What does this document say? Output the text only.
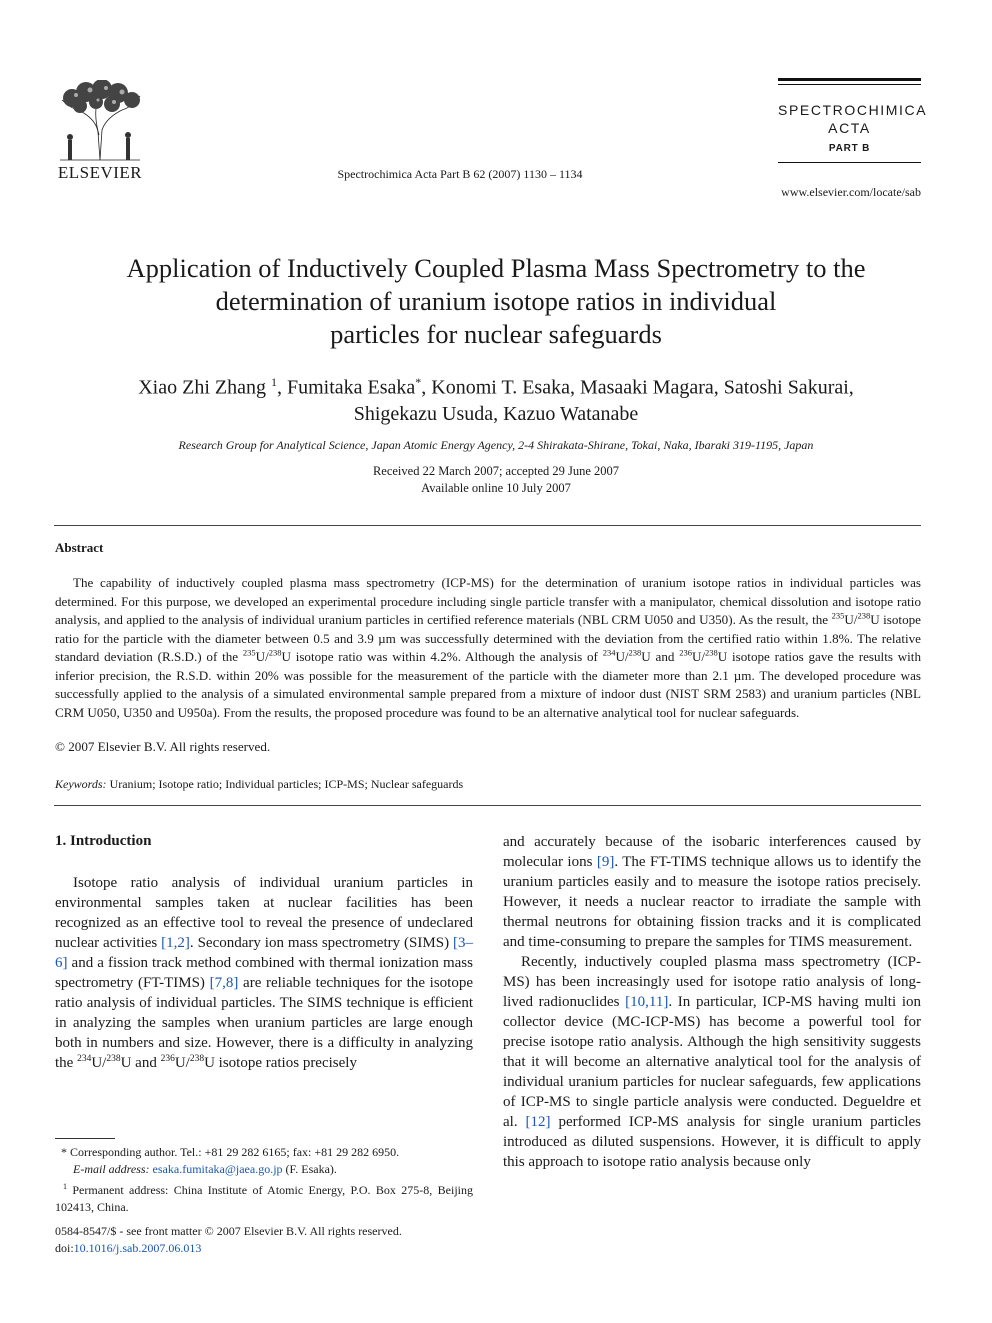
ELSEVIER	Spectrochimica Acta Part B 62 (2007) 1130 – 1134
SPECTROCHIMICA
ACTA
PART B
www.elsevier.com/locate/sab
Application of Inductively Coupled Plasma Mass Spectrometry to the
determination of uranium isotope ratios in individual
particles for nuclear safeguards
Xiao Zhi Zhang $^1$, Fumitaka Esaka*, Konomi T. Esaka, Masaaki Magara, Satoshi Sakurai,
Shigekazu Usuda, Kazuo Watanabe
Research Group for Analytical Science, Japan Atomic Energy Agency, 2-4 Shirakata-Shirane, Tokai, Naka, Ibaraki 319-1195, Japan
Received 22 March 2007; accepted 29 June 2007
Available online 10 July 2007
Abstract
The capability of inductively coupled plasma mass spectrometry (ICP-MS) for the determination of uranium isotope ratios in individual particles was determined. For this purpose, we developed an experimental procedure including single particle transfer with a manipulator, chemical dissolution and isotope ratio analysis, and applied to the analysis of individual uranium particles in certified reference materials (NBL CRM U050 and U350). As the result, the $^{235}$U/$^{238}$U isotope ratio for the particle with the diameter between 0.5 and 3.9 µm was successfully determined with the deviation from the certified ratio within 1.8%. The relative standard deviation (R.S.D.) of the $^{235}$U/$^{238}$U isotope ratio was within 4.2%. Although the analysis of $^{234}$U/$^{238}$U and $^{236}$U/$^{238}$U isotope ratios gave the results with inferior precision, the R.S.D. within 20% was possible for the measurement of the particle with the diameter more than 2.1 µm. The developed procedure was successfully applied to the analysis of a simulated environmental sample prepared from a mixture of indoor dust (NIST SRM 2583) and uranium particles (NBL CRM U050, U350 and U950a). From the results, the proposed procedure was found to be an alternative analytical tool for nuclear safeguards.
© 2007 Elsevier B.V. All rights reserved.
Keywords: Uranium; Isotope ratio; Individual particles; ICP-MS; Nuclear safeguards
1. Introduction

Isotope ratio analysis of individual uranium particles in environmental samples taken at nuclear facilities has been recognized as an effective tool to reveal the presence of undeclared nuclear activities [1,2]. Secondary ion mass spectrometry (SIMS) [3–6] and a fission track method combined with thermal ionization mass spectrometry (FT-TIMS) [7,8] are reliable techniques for the isotope ratio analysis of individual particles. The SIMS technique is efficient in analyzing the samples when uranium particles are large enough both in numbers and size. However, there is a difficulty in analyzing the $^{234}$U/$^{238}$U and $^{236}$U/$^{238}$U isotope ratios precisely

and accurately because of the isobaric interferences caused by molecular ions [9]. The FT-TIMS technique allows us to identify the uranium particles easily and to measure the isotope ratios precisely. However, it needs a nuclear reactor to irradiate the sample with thermal neutrons for obtaining fission tracks and it is complicated and time-consuming to prepare the samples for TIMS measurement.

Recently, inductively coupled plasma mass spectrometry (ICP-MS) has been increasingly used for isotope ratio analysis of long-lived radionuclides [10,11]. In particular, ICP-MS having multi ion collector device (MC-ICP-MS) has become a powerful tool for precise isotope ratio analysis. Although the high sensitivity suggests that it will become an alternative analytical tool for the analysis of individual uranium particles for nuclear safeguards, few applications of ICP-MS to single particle analysis were conducted. Degueldre et al. [12] performed ICP-MS analysis for single uranium particles introduced as diluted suspensions. However, it is difficult to apply this approach to isotope ratio analysis because only

* Corresponding author. Tel.: +81 29 282 6165; fax: +81 29 282 6950.
E-mail address: esaka.fumitaka@jaea.go.jp (F. Esaka).
$^1$ Permanent address: China Institute of Atomic Energy, P.O. Box 275-8, Beijing 102413, China.
0584-8547/$ - see front matter © 2007 Elsevier B.V. All rights reserved.
doi:10.1016/j.sab.2007.06.013
